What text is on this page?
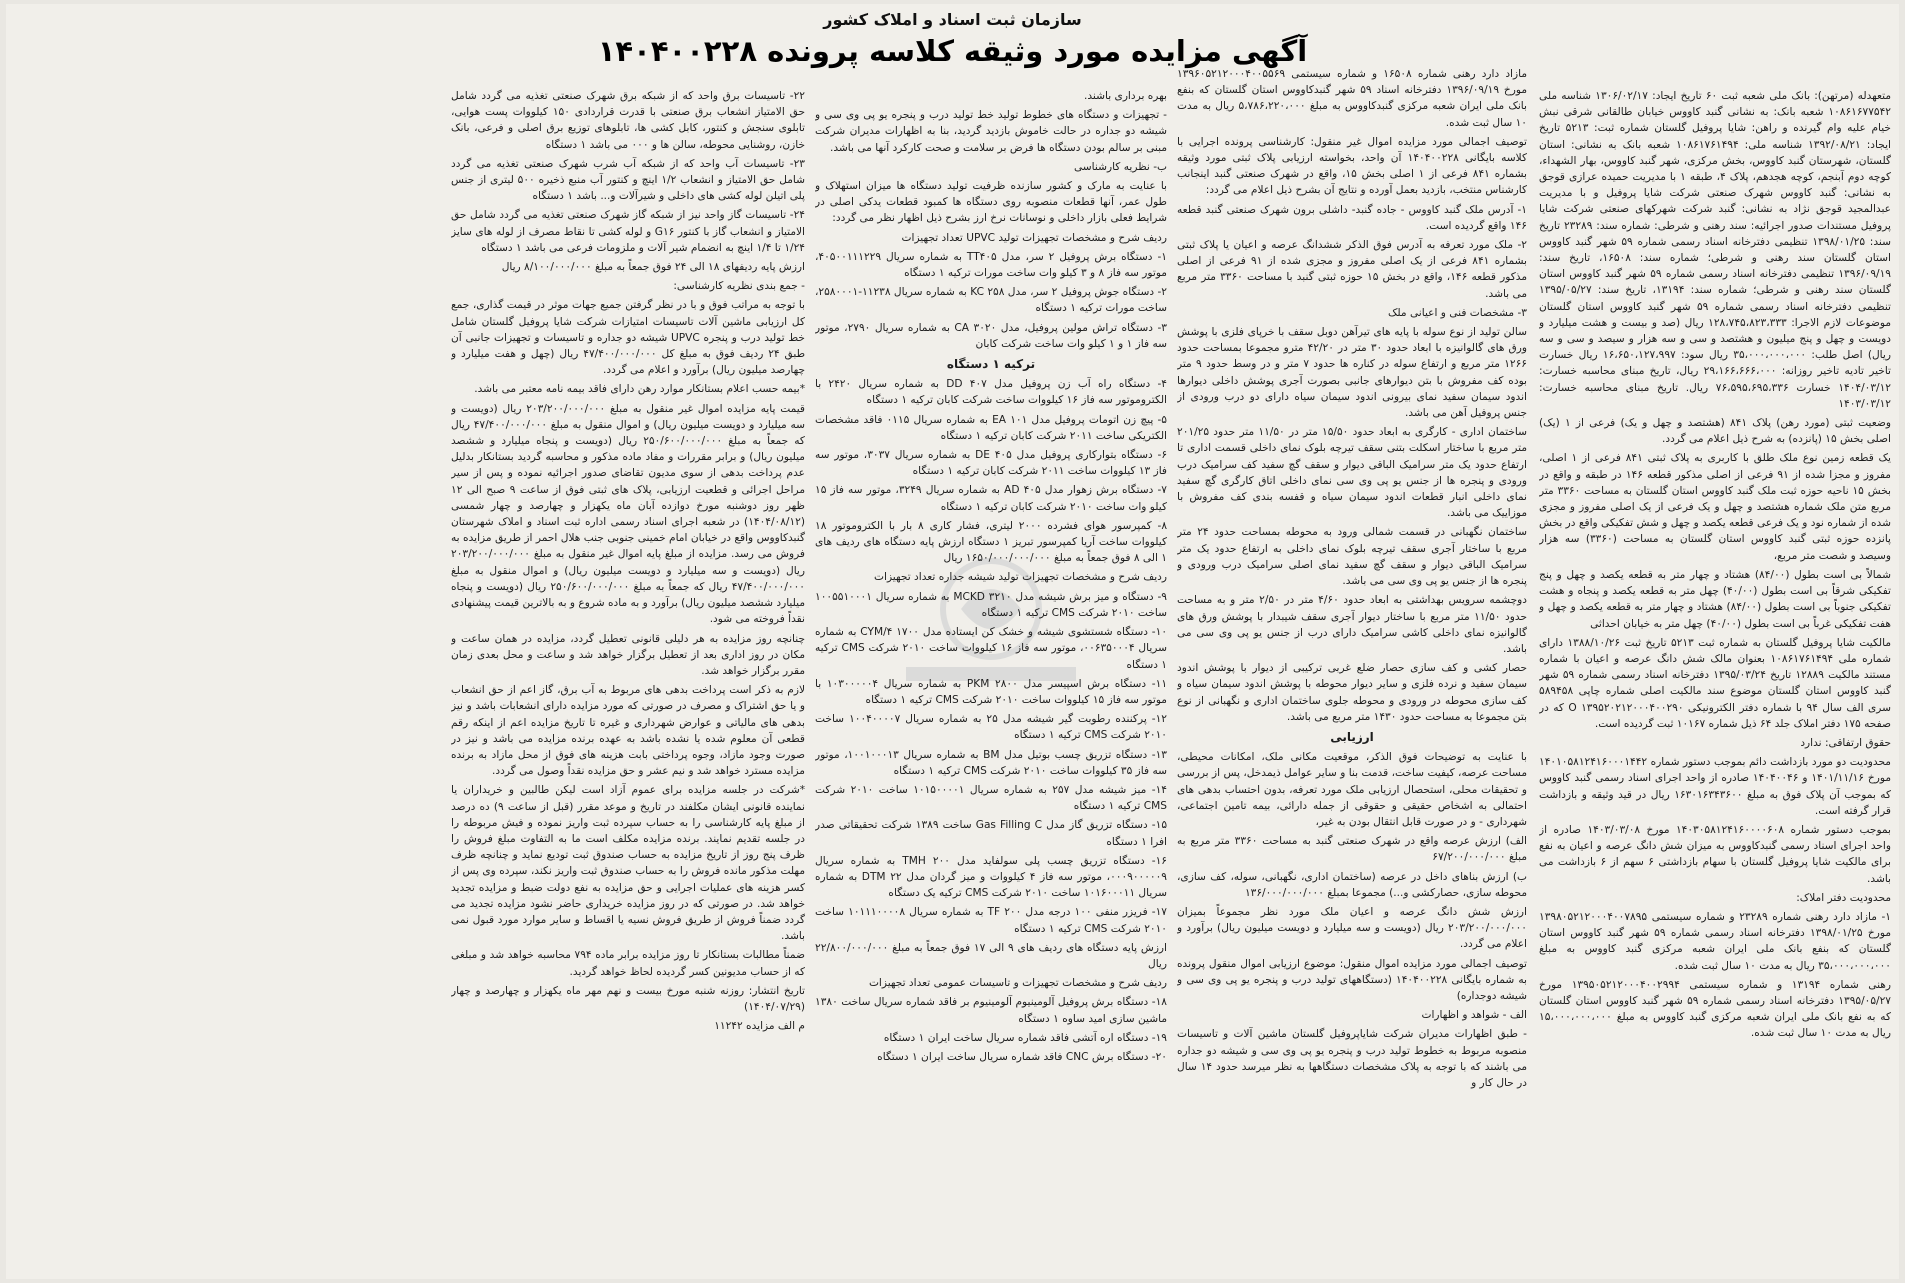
سازمان ثبت اسناد و املاک کشور
آگهی مزایده مورد وثیقه کلاسه پرونده ۱۴۰۴۰۰۲۲۸

متعهدله (مرتهن): بانک ملی شعبه ثبت ۶۰ تاریخ ایجاد: ۱۳۰۶/۰۲/۱۷ شناسه ملی ۱۰۸۶۱۶۷۷۵۴۲ شعبه بانک: به نشانی گنبد کاووس خیابان طالقانی شرقی نبش خیام علیه وام گیرنده و راهن: شایا پروفیل گلستان شماره ثبت: ۵۲۱۳ تاریخ ایجاد: ۱۳۹۲/۰۸/۲۱ شناسه ملی: ۱۰۸۶۱۷۶۱۴۹۴ شعبه بانک به نشانی: استان گلستان، شهرستان گنبد کاووس، بخش مرکزی، شهر گنبد کاووس، بهار الشهداء، کوچه دوم آبنجم، کوچه هجدهم، پلاک ۴، طبقه ۱ با مدیریت حمیده عرازی قوجق به نشانی: گنبد کاووس شهرک صنعتی شرکت شایا پروفیل و با مدیریت عبدالمجید قوجق نژاد به نشانی: گنبد شرکت شهرکهای صنعتی شرکت شایا پروفیل مستندات صدور اجرائیه: سند رهنی و شرطی: شماره سند: ۲۳۲۸۹ تاریخ سند: ۱۳۹۸/۰۱/۲۵ تنظیمی دفترخانه اسناد رسمی شماره ۵۹ شهر گنبد کاووس استان گلستان سند رهنی و شرطی؛ شماره سند: ۱۶۵۰۸، تاریخ سند: ۱۳۹۶/۰۹/۱۹ تنظیمی دفترخانه اسناد رسمی شماره ۵۹ شهر گنبد کاووس استان گلستان سند رهنی و شرطی؛ شماره سند: ۱۳۱۹۴، تاریخ سند: ۱۳۹۵/۰۵/۲۷ تنظیمی دفترخانه اسناد رسمی شماره ۵۹ شهر گنبد کاووس استان گلستان موضوعات لازم الاجرا: ۱۲۸،۷۴۵،۸۲۳،۳۳۳ ریال (صد و بیست و هشت میلیارد و دویست و چهل و پنج میلیون و هشتصد و سی و سه هزار و سیصد و سی و سه ریال) اصل طلب: ۳۵،۰۰۰،۰۰۰،۰۰۰ ریال سود: ۱۶،۶۵۰،۱۲۷،۹۹۷ ریال خسارت تاخیر تادیه تاخیر روزانه: ۲۹،۱۶۶،۶۶۶،۰۰۰ ریال، تاریخ مبنای محاسبه خسارت: ۱۴۰۴/۰۳/۱۲ خسارت ۷۶،۵۹۵،۶۹۵،۳۳۶ ریال. تاریخ مبنای محاسبه خسارت: ۱۴۰۳/۰۳/۱۲

وضعیت ثبتی (مورد رهن) پلاک ۸۴۱ (هشتصد و چهل و یک) فرعی از ۱ (یک) اصلی بخش ۱۵ (پانزده) به شرح ذیل اعلام می گردد.

یک قطعه زمین نوع ملک طلق با کاربری به پلاک ثبتی ۸۴۱ فرعی از ۱ اصلی، مفروز و مجزا شده از ۹۱ فرعی از اصلی مذکور قطعه ۱۴۶ در طبقه و واقع در بخش ۱۵ ناحیه حوزه ثبت ملک گنبد کاووس استان گلستان به مساحت ۳۳۶۰ متر مربع متن ملک شماره هشتصد و چهل و یک فرعی از یک اصلی مفروز و مجزی شده از شماره نود و یک فرعی قطعه یکصد و چهل و شش تفکیکی واقع در بخش پانزده حوزه ثبتی گنبد کاووس استان گلستان به مساحت (۳۳۶۰) سه هزار وسیصد و شصت متر مربع،

شمالاً بی است بطول (۸۴/۰۰) هشتاد و چهار متر به قطعه یکصد و چهل و پنج تفکیکی شرقاً بی است بطول (۴۰/۰۰) چهل متر به قطعه یکصد و پنجاه و هشت تفکیکی جنوباً بی است بطول (۸۴/۰۰) هشتاد و چهار متر به قطعه یکصد و چهل و هفت تفکیکی غرباً بی است بطول (۴۰/۰۰) چهل متر به خیابان احداثی

مالکیت شایا پروفیل گلستان به شماره ثبت ۵۲۱۳ تاریخ ثبت ۱۳۸۸/۱۰/۲۶ دارای شماره ملی ۱۰۸۶۱۷۶۱۴۹۴ بعنوان مالک شش دانگ عرصه و اعیان با شماره مستند مالکیت ۱۲۸۸۹ تاریخ ۱۳۹۵/۰۳/۲۴ دفترخانه اسناد رسمی شماره ۵۹ شهر گنبد کاووس استان گلستان موضوع سند مالکیت اصلی شماره چاپی ۵۸۹۴۵۸ سری الف سال ۹۴ با شماره دفتر الکترونیکی ۱۳۹۵۲۰۲۱۲۰۰۰۴۰۰۲۹۰ O که در صفحه ۱۷۵ دفتر املاک جلد ۶۴ ذیل شماره ۱۰۱۶۷ ثبت گردیده است.

حقوق ارتفاقی: ندارد

محدودیت دو مورد بازداشت دائم بموجب دستور شماره ۱۴۰۱۰۵۸۱۲۴۱۶۰۰۰۱۴۴۲ مورخ ۱۴۰۱/۱۱/۱۶ و ۱۴۰۴۰۰۴۶ صادره از واحد اجرای اسناد رسمی گنبد کاووس که بموجب آن پلاک فوق به مبلغ ۱۶۳۰۱۶۳۴۳۶۰۰ ریال در قید وثیقه و بازداشت قرار گرفته است.

بموجب دستور شماره ۱۴۰۳۰۵۸۱۲۴۱۶۰۰۰۰۶۰۸ مورخ ۱۴۰۳/۰۳/۰۸ صادره از واحد اجرای اسناد رسمی گنبدکاووس به میزان شش دانگ عرصه و اعیان به نفع برای مالکیت شایا پروفیل گلستان با سهام بازداشتی ۶ سهم از ۶ بازداشت می باشد.

محدودیت دفتر املاک:

۱- مازاد دارد رهنی شماره ۲۳۲۸۹ و شماره سیستمی ۱۳۹۸۰۵۲۱۲۰۰۰۴۰۰۷۸۹۵ مورخ ۱۳۹۸/۰۱/۲۵ دفترخانه اسناد رسمی شماره ۵۹ شهر گنبد کاووس استان گلستان که بنفع بانک ملی ایران شعبه مرکزی گنبد کاووس به مبلغ ۳۵،۰۰۰،۰۰۰،۰۰۰ ریال به مدت ۱۰ سال ثبت شده.

رهنی شماره ۱۳۱۹۴ و شماره سیستمی ۱۳۹۵۰۵۲۱۲۰۰۰۴۰۰۲۹۹۴ مورخ ۱۳۹۵/۰۵/۲۷ دفترخانه اسناد رسمی شماره ۵۹ شهر گنبد کاووس استان گلستان که به نفع بانک ملی ایران شعبه مرکزی گنبد کاووس به مبلغ ۱۵،۰۰۰،۰۰۰،۰۰۰ ریال به مدت ۱۰ سال ثبت شده.

مازاد دارد رهنی شماره ۱۶۵۰۸ و شماره سیستمی ۱۳۹۶۰۵۲۱۲۰۰۰۴۰۰۵۵۶۹ مورخ ۱۳۹۶/۰۹/۱۹ دفترخانه اسناد ۵۹ شهر گنبدکاووس استان گلستان که بنفع بانک ملی ایران شعبه مرکزی گنبدکاووس به مبلغ ۵،۷۸۶،۲۲۰،۰۰۰ ریال به مدت ۱۰ سال ثبت شده.

توصیف اجمالی مورد مزایده اموال غیر منقول: کارشناسی پرونده اجرایی با کلاسه بایگانی ۱۴۰۴۰۰۲۲۸ آن واحد، بخواسته ارزیابی پلاک ثبتی مورد وثیقه بشماره ۸۴۱ فرعی از ۱ اصلی بخش ۱۵، واقع در شهرک صنعتی گنبد اینجانب کارشناس منتخب، بازدید بعمل آورده و نتایج آن بشرح ذیل اعلام می گردد:

۱- آدرس ملک گنبد کاووس - جاده گنبد- داشلی برون شهرک صنعتی گنبد قطعه ۱۴۶ واقع گردیده است.

۲- ملک مورد تعرفه به آدرس فوق الذکر ششدانگ عرصه و اعیان یا پلاک ثبتی بشماره ۸۴۱ فرعی از یک اصلی مفروز و مجزی شده از ۹۱ فرعی از اصلی مذکور قطعه ۱۴۶، واقع در بخش ۱۵ حوزه ثبتی گنبد با مساحت ۳۳۶۰ متر مربع می باشد.

۳- مشخصات فنی و اعیانی ملک

سالن تولید از نوع سوله با پایه های تیرآهن دوبل سقف با خرپای فلزی با پوشش ورق های گالوانیزه با ابعاد حدود ۳۰ متر در ۴۲/۲۰ مترو مجموعا بمساحت حدود ۱۲۶۶ متر مربع و ارتفاع سوله در کناره ها حدود ۷ متر و در وسط حدود ۹ متر بوده کف مفروش با بتن دیوارهای جانبی بصورت آجری پوشش داخلی دیوارها اندود سیمان سفید نمای بیرونی اندود سیمان سیاه دارای دو درب ورودی از جنس پروفیل آهن می باشد.

ساختمان اداری - کارگری به ابعاد حدود ۱۵/۵۰ متر در ۱۱/۵۰ متر حدود ۲۰۱/۲۵ متر مربع با ساختار اسکلت بتنی سقف تیرچه بلوک نمای داخلی قسمت اداری تا ارتفاع حدود یک متر سرامیک الباقی دیوار و سقف گچ سفید کف سرامیک درب ورودی و پنجره ها از جنس یو پی وی سی نمای داخلی اتاق کارگری گچ سفید نمای داخلی انبار قطعات اندود سیمان سیاه و قفسه بندی کف مفروش با موزاییک می باشد.

ساختمان نگهبانی در قسمت شمالی ورود به محوطه بمساحت حدود ۲۴ متر مربع با ساختار آجری سقف تیرچه بلوک نمای داخلی به ارتفاع حدود یک متر سرامیک الباقی دیوار و سقف گچ سفید نمای اصلی سرامیک درب ورودی و پنجره ها از جنس یو پی وی سی می باشد.

دوچشمه سرویس بهداشتی به ابعاد حدود ۴/۶۰ متر در ۲/۵۰ متر و به مساحت حدود ۱۱/۵۰ متر مربع با ساختار دیوار آجری سقف شیبدار با پوشش ورق های گالوانیزه نمای داخلی کاشی سرامیک دارای درب از جنس یو پی وی سی می باشد.

حصار کشی و کف سازی حصار ضلع غربی ترکیبی از دیوار با پوشش اندود سیمان سفید و نرده فلزی و سایر دیوار محوطه با پوشش اندود سیمان سیاه و کف سازی محوطه در ورودی و محوطه جلوی ساختمان اداری و نگهبانی از نوع بتن مجموعا به مساحت حدود ۱۴۳۰ متر مربع می باشد.

ارزیابی

با عنایت به توضیحات فوق الذکر، موقعیت مکانی ملک، امکانات محیطی، مساحت عرصه، کیفیت ساخت، قدمت بنا و سایر عوامل ذیمدخل، پس از بررسی و تحقیقات محلی، استحصال ارزیابی ملک مورد تعرفه، بدون احتساب بدهی های احتمالی به اشخاص حقیقی و حقوقی از جمله دارائی، بیمه تامین اجتماعی، شهرداری - و در صورت قابل انتقال بودن به غیر،

الف) ارزش عرصه واقع در شهرک صنعتی گنبد به مساحت ۳۳۶۰ متر مربع به مبلغ ۶۷/۲۰۰/۰۰۰/۰۰۰

ب) ارزش بناهای داخل در عرصه (ساختمان اداری، نگهبانی، سوله، کف سازی، محوطه سازی، حصارکشی و...) مجموعا بمبلغ ۱۳۶/۰۰۰/۰۰۰/۰۰۰

ارزش شش دانگ عرصه و اعیان ملک مورد نظر مجموعاً بمیزان ۲۰۳/۲۰۰/۰۰۰/۰۰۰ ریال (دویست و سه میلیارد و دویست میلیون ریال) برآورد و اعلام می گردد.

توصیف اجمالی مورد مزایده اموال منقول: موضوع ارزیابی اموال منقول پرونده به شماره بایگانی ۱۴۰۴۰۰۲۲۸ (دستگاههای تولید درب و پنجره یو پی وی سی و شیشه دوجداره)

الف - شواهد و اظهارات

- طبق اظهارات مدیران شرکت شایاپروفیل گلستان ماشین آلات و تاسیسات منصوبه مربوط به خطوط تولید درب و پنجره یو پی وی سی و شیشه دو جداره می باشند که با توجه به پلاک مشخصات دستگاهها به نظر میرسد حدود ۱۴ سال در حال کار و

بهره برداری باشند.

- تجهیزات و دستگاه های خطوط تولید خط تولید درب و پنجره یو پی وی سی و شیشه دو جداره در حالت خاموش بازدید گردید، بنا به اظهارات مدیران شرکت مبنی بر سالم بودن دستگاه ها فرض بر سلامت و صحت کارکرد آنها می باشد.

ب- نظریه کارشناسی

با عنایت به مارک و کشور سازنده ظرفیت تولید دستگاه ها میزان استهلاک و طول عمر، آنها قطعات منصوبه روی دستگاه ها کمبود قطعات یدکی اصلی در شرایط فعلی بازار داخلی و نوسانات نرخ ارز بشرح ذیل اظهار نظر می گردد:

ردیف شرح و مشخصات تجهیزات تولید UPVC تعداد تجهیزات

۱- دستگاه برش پروفیل ۲ سر، مدل TT۴۰۵ به شماره سریال ۴۰۵۰۰۱۱۱۲۲۹، موتور سه فاز ۸ و ۳ کیلو وات ساخت مورات ترکیه ۱ دستگاه

۲- دستگاه جوش پروفیل ۲ سر، مدل KC ۲۵۸ به شماره سریال ۱۱۲۳۸-۲۵۸۰۰۰۱، ساخت مورات ترکیه ۱ دستگاه

۳- دستگاه تراش مولین پروفیل، مدل CA ۳۰۲۰ به شماره سریال ۲۷۹۰، موتور سه فاز ۱ و ۱ کیلو وات ساخت شرکت کابان

ترکیه ۱ دستگاه

۴- دستگاه راه آب زن پروفیل مدل DD ۴۰۷ به شماره سریال ۲۴۲۰ با الکتروموتور سه فاز ۱۶ کیلووات ساخت شرکت کابان ترکیه ۱ دستگاه

۵- پیچ زن اتومات پروفیل مدل EA ۱۰۱ به شماره سریال ۰۱۱۵ فاقد مشخصات الکتریکی ساخت ۲۰۱۱ شرکت کابان ترکیه ۱ دستگاه

۶- دستگاه بتوارکاری پروفیل مدل DE ۴۰۵ به شماره سریال ۳۰۳۷، موتور سه فاز ۱۳ کیلووات ساخت ۲۰۱۱ شرکت کابان ترکیه ۱ دستگاه

۷- دستگاه برش زهوار مدل AD ۴۰۵ به شماره سریال ۳۲۴۹، موتور سه فاز ۱۵ کیلو وات ساخت ۲۰۱۰ شرکت کابان ترکیه ۱ دستگاه

۸- کمپرسور هوای فشرده ۲۰۰۰ لیتری، فشار کاری ۸ بار با الکتروموتور ۱۸ کیلووات ساخت آریا کمپرسور تبریز ۱ دستگاه ارزش پایه دستگاه های ردیف های ۱ الی ۸ فوق جمعاً به مبلغ ۱۶۵۰/۰۰۰/۰۰۰/۰۰۰ ریال

ردیف شرح و مشخصات تجهیزات تولید شیشه جداره تعداد تجهیزات

۹- دستگاه و میز برش شیشه مدل MCKD ۳۲۱۰ به شماره سریال ۱۰۰۵۵۱۰۰۰۱ ساخت ۲۰۱۰ شرکت CMS ترکیه ۱ دستگاه

۱۰- دستگاه شستشوی شیشه و خشک کن ایستاده مدل CYM/۴ ۱۷۰۰ به شماره سریال ۰۰۶۳۵۰۰۰۴، موتور سه فاز ۱۶ کیلووات ساخت ۲۰۱۰ شرکت CMS ترکیه ۱ دستگاه

۱۱- دستگاه برش اسپیسر مدل PKM ۲۸۰۰ به شماره سریال ۱۰۳۰۰۰۰۰۴ با موتور سه فاز ۱۵ کیلووات ساخت ۲۰۱۰ شرکت CMS ترکیه ۱ دستگاه

۱۲- پرکننده رطوبت گیر شیشه مدل ۲۵ به شماره سریال ۱۰۰۴۰۰۰۰۷ ساخت ۲۰۱۰ شرکت CMS ترکیه ۱ دستگاه

۱۳- دستگاه تزریق چسب بوتیل مدل BM به شماره سریال ۱۰۰۱۰۰۰۱۳، موتور سه فاز ۳۵ کیلووات ساخت ۲۰۱۰ شرکت CMS ترکیه ۱ دستگاه

۱۴- میز شیشه مدل ۲۵۷ به شماره سریال ۱۰۱۵۰۰۰۰۱ ساخت ۲۰۱۰ شرکت CMS ترکیه ۱ دستگاه

۱۵- دستگاه تزریق گاز مدل Gas Filling C ساخت ۱۳۸۹ شرکت تحقیقاتی صدر افرا ۱ دستگاه

۱۶- دستگاه تزریق چسب پلی سولفاید مدل TMH ۲۰۰ به شماره سریال ۰۰۰۹۰۰۰۰۰۹، موتور سه فاز ۴ کیلووات و میز گردان مدل DTM ۲۲ به شماره سریال ۱۰۱۶۰۰۰۱۱ ساخت ۲۰۱۰ شرکت CMS ترکیه یک دستگاه

۱۷- فریزر منفی ۱۰۰ درجه مدل TF ۲۰۰ به شماره سریال ۱۰۱۱۱۰۰۰۰۸ ساخت ۲۰۱۰ شرکت CMS ترکیه ۱ دستگاه

ارزش پایه دستگاه های ردیف های ۹ الی ۱۷ فوق جمعاً به مبلغ ۲۲/۸۰۰/۰۰۰/۰۰۰ ریال

ردیف شرح و مشخصات تجهیزات و تاسیسات عمومی تعداد تجهیزات

۱۸- دستگاه برش پروفیل آلومینیوم آلومینیوم بر فاقد شماره سریال ساخت ۱۳۸۰ ماشین سازی امید ساوه ۱ دستگاه

۱۹- دستگاه اره آتشی فاقد شماره سریال ساخت ایران ۱ دستگاه

۲۰- دستگاه برش CNC فاقد شماره سریال ساخت ایران ۱ دستگاه

۲۲- تاسیسات برق واحد که از شبکه برق شهرک صنعتی تغذیه می گردد شامل حق الامتیاز انشعاب برق صنعتی با قدرت قراردادی ۱۵۰ کیلووات پست هوایی، تابلوی سنجش و کنتور، کابل کشی ها، تابلوهای توزیع برق اصلی و فرعی، بانک خازن، روشنایی محوطه، سالن ها و ۰۰۰ می باشد ۱ دستگاه

۲۳- تاسیسات آب واحد که از شبکه آب شرب شهرک صنعتی تغذیه می گردد شامل حق الامتیاز و انشعاب ۱/۲ اینچ و کنتور آب منبع ذخیره ۵۰۰ لیتری از جنس پلی اتیلن لوله کشی های داخلی و شیرآلات و... باشد ۱ دستگاه

۲۴- تاسیسات گاز واحد نیز از شبکه گاز شهرک صنعتی تغذیه می گردد شامل حق الامتیاز و انشعاب گاز با کنتور G۱۶ و لوله کشی تا نقاط مصرف از لوله های سایز ۱/۲۴ تا ۱/۴ اینچ به انضمام شیر آلات و ملزومات فرعی می باشد ۱ دستگاه

ارزش پایه ردیفهای ۱۸ الی ۲۴ فوق جمعاً به مبلغ ۸/۱۰۰/۰۰۰/۰۰۰ ریال

- جمع بندی نظریه کارشناسی:

با توجه به مراتب فوق و با در نظر گرفتن جمیع جهات موثر در قیمت گذاری، جمع کل ارزیابی ماشین آلات تاسیسات امتیازات شرکت شایا پروفیل گلستان شامل خط تولید درب و پنجره UPVC شیشه دو جداره و تاسیسات و تجهیزات جانبی آن طبق ۲۴ ردیف فوق به مبلغ کل ۴۷/۴۰۰/۰۰۰/۰۰۰ ریال (چهل و هفت میلیارد و چهارصد میلیون ریال) برآورد و اعلام می گردد.

*بیمه حسب اعلام بستانکار موارد رهن دارای فاقد بیمه نامه معتبر می باشد.

قیمت پایه مزایده اموال غیر منقول به مبلغ ۲۰۳/۲۰۰/۰۰۰/۰۰۰ ریال (دویست و سه میلیارد و دویست میلیون ریال) و اموال منقول به مبلغ ۴۷/۴۰۰/۰۰۰/۰۰۰ ریال که جمعاً به مبلغ ۲۵۰/۶۰۰/۰۰۰/۰۰۰ ریال (دویست و پنجاه میلیارد و ششصد میلیون ریال) و برابر مقررات و مفاد ماده مذکور و محاسبه گردید بستانکار بدلیل عدم پرداخت بدهی از سوی مدیون تقاضای صدور اجرائیه نموده و پس از سیر مراحل اجرائی و قطعیت ارزیابی، پلاک های ثبتی فوق از ساعت ۹ صبح الی ۱۲ ظهر روز دوشنبه مورخ دوازده آبان ماه یکهزار و چهارصد و چهار شمسی (۱۴۰۴/۰۸/۱۲) در شعبه اجرای اسناد رسمی اداره ثبت اسناد و املاک شهرستان گنبدکاووس واقع در خیابان امام خمینی جنوبی جنب هلال احمر از طریق مزایده به فروش می رسد. مزایده از مبلغ پایه اموال غیر منقول به مبلغ ۲۰۳/۲۰۰/۰۰۰/۰۰۰ ریال (دویست و سه میلیارد و دویست میلیون ریال) و اموال منقول به مبلغ ۴۷/۴۰۰/۰۰۰/۰۰۰ ریال که جمعاً به مبلغ ۲۵۰/۶۰۰/۰۰۰/۰۰۰ ریال (دویست و پنجاه میلیارد ششصد میلیون ریال) برآورد و به ماده شروع و به بالاترین قیمت پیشنهادی نقداً فروخته می شود.

چنانچه روز مزایده به هر دلیلی قانونی تعطیل گردد، مزایده در همان ساعت و مکان در روز اداری بعد از تعطیل برگزار خواهد شد و ساعت و محل بعدی زمان مقرر برگزار خواهد شد.

لازم به ذکر است پرداخت بدهی های مربوط به آب برق، گاز اعم از حق انشعاب و یا حق اشتراک و مصرف در صورتی که مورد مزایده دارای انشعابات باشد و نیز بدهی های مالیاتی و عوارض شهرداری و غیره تا تاریخ مزایده اعم از اینکه رقم قطعی آن معلوم شده یا نشده باشد به عهده برنده مزایده می باشد و نیز در صورت وجود مازاد، وجوه پرداختی بابت هزینه های فوق از محل مازاد به برنده مزایده مسترد خواهد شد و نیم عشر و حق مزایده نقداً وصول می گردد.

*شرکت در جلسه مزایده برای عموم آزاد است لیکن طالبین و خریداران یا نماینده قانونی ایشان مکلفند در تاریخ و موعد مقرر (قبل از ساعت ۹) ده درصد از مبلغ پایه کارشناسی را به حساب سپرده ثبت واریز نموده و فیش مربوطه را در جلسه تقدیم نمایند. برنده مزایده مکلف است ما به التفاوت مبلغ فروش را ظرف پنج روز از تاریخ مزایده به حساب صندوق ثبت تودیع نماید و چنانچه ظرف مهلت مذکور مانده فروش را به حساب صندوق ثبت واریز نکند، سپرده وی پس از کسر هزینه های عملیات اجرایی و حق مزایده به نفع دولت ضبط و مزایده تجدید خواهد شد. در صورتی که در روز مزایده خریداری حاضر نشود مزایده تجدید می گردد ضمناً فروش از طریق فروش نسیه یا اقساط و سایر موارد مورد قبول نمی باشد.

ضمناً مطالبات بستانکار تا روز مزایده برابر ماده ۷۹۴ محاسبه خواهد شد و مبلغی که از حساب مدیونین کسر گردیده لحاظ خواهد گردید.

تاریخ انتشار: روزنه شنبه مورخ بیست و نهم مهر ماه یکهزار و چهارصد و چهار (۱۴۰۴/۰۷/۲۹)

م الف مزایده ۱۱۲۴۲
